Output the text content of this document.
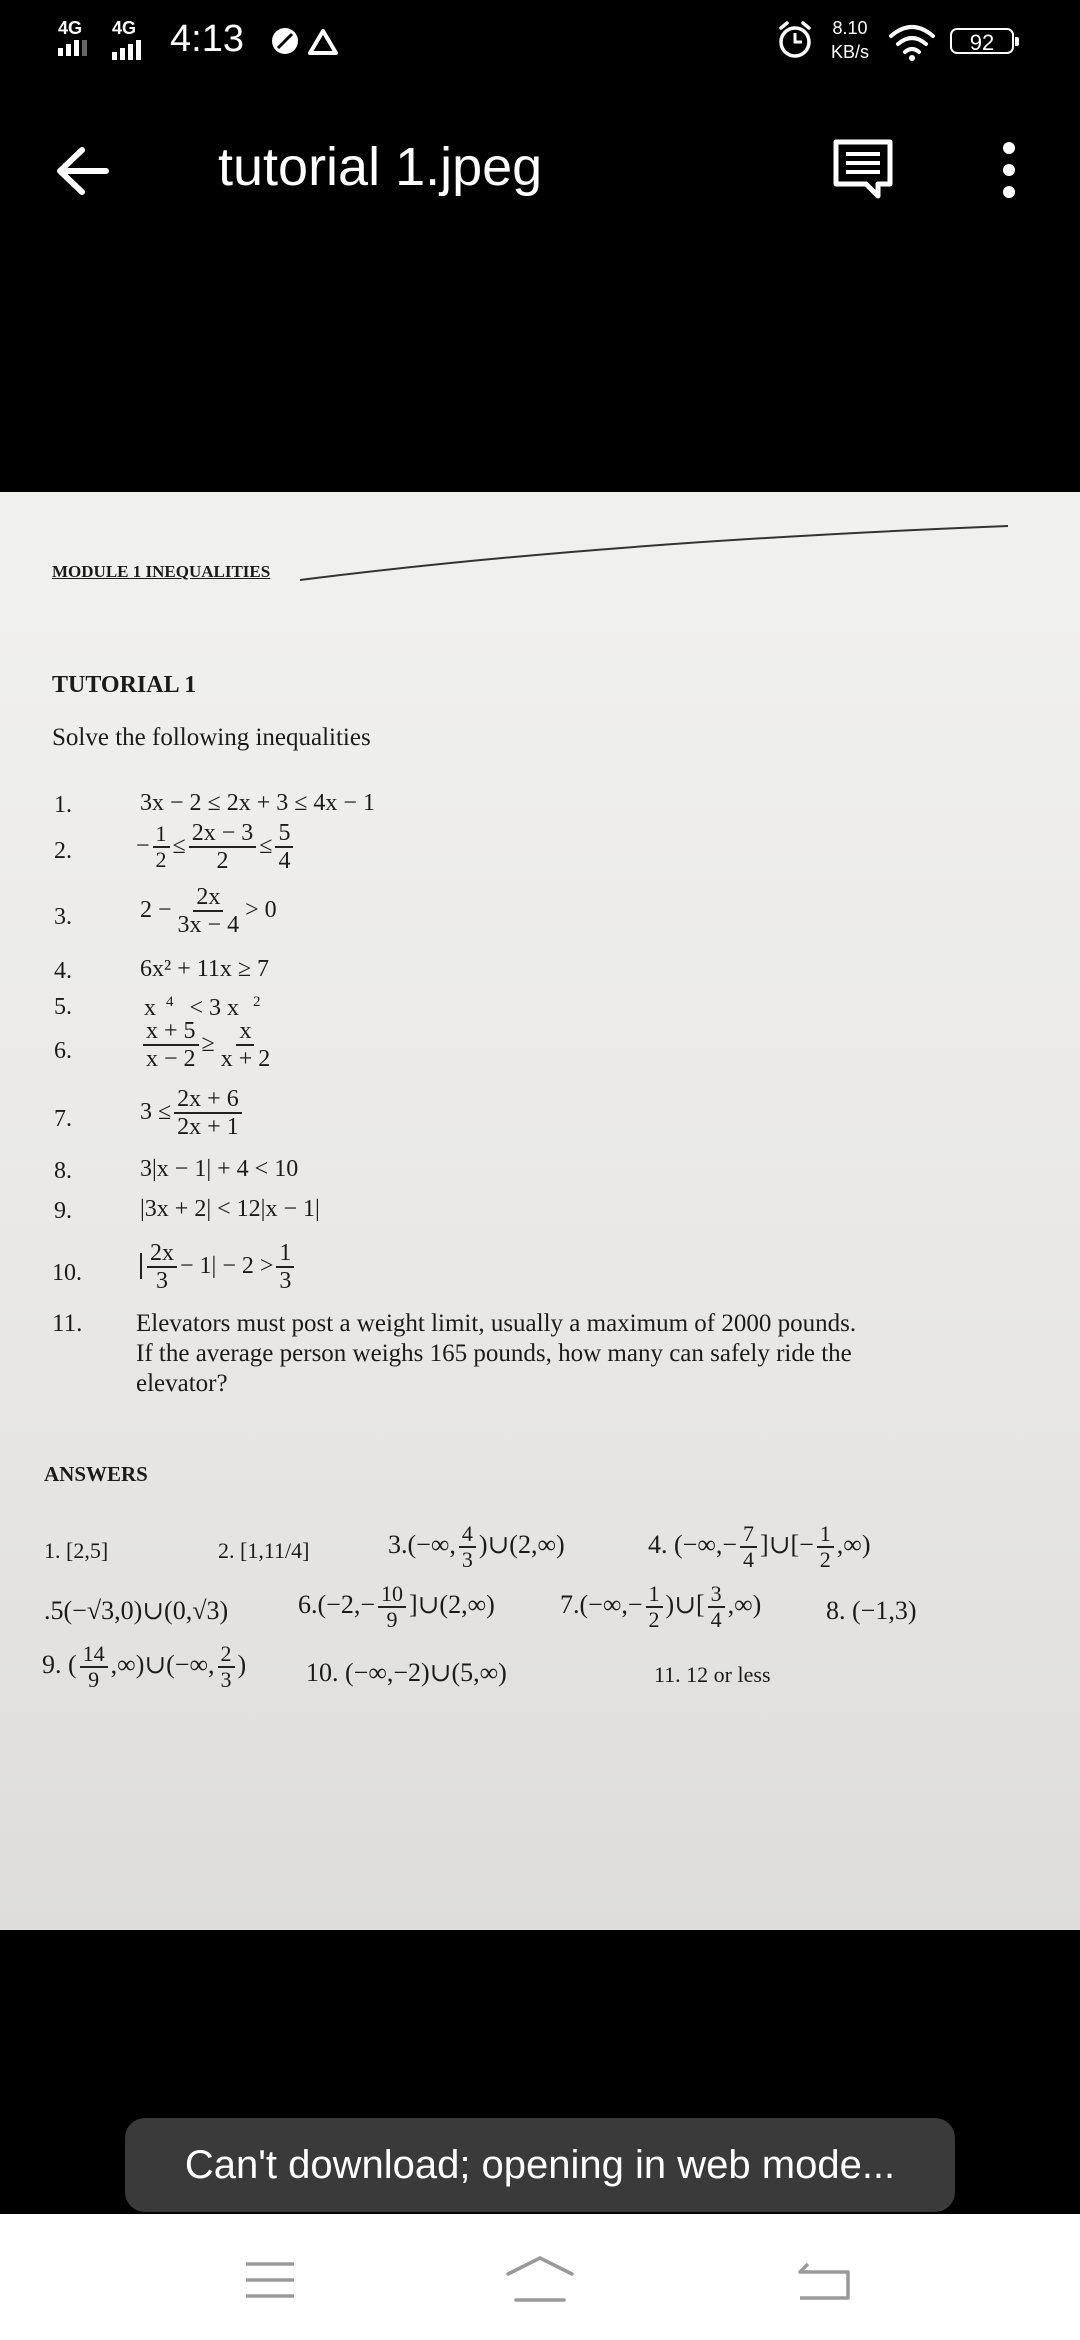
4G 4G 4:13	8.10
KB/s	92
tutorial 1.jpeg
MODULE 1 INEQUALITIES
TUTORIAL 1
Solve the following inequalities
1.	3x − 2 ≤ 2x + 3 ≤ 4x − 1
2.	− $\frac{1}{2} \le \frac{2x - 3}{2} \le \frac{5}{4}$
3.	$2 - \frac{2x}{3x - 4} > 0$
4.	6x² + 11x ≥ 7
5.	x $^4$ < 3 x $^2$
6.	$\frac{x + 5}{x - 2} \ge \frac{x}{x + 2}$
7.	$3 \le \frac{2x + 6}{2x + 1}$
8.	3|x − 1| + 4 < 10
9.	|3x + 2| < 12|x − 1|
10.	$\frac{2x}{3} - 1| - 2 > \frac{1}{3}$
11. Elevators must post a weight limit, usually a maximum of 2000 pounds.
If the average person weighs 165 pounds, how many can safely ride the
elevator?
ANSWERS
1. [2,5]	2. [1,11/4]	3.(−∞, $\frac{4}{3}$ )∪(2,∞)	4. (−∞,− $\frac{7}{4}$ ]∪[− $\frac{1}{2}$ ,∞)
.5(−√3,0)∪(0,√3)	$6.(-2,- \frac{10}{9}$ ]∪(2,∞)	$7.(-\infty,- \frac{1}{2}$ )∪[ $\frac{3}{4}$ ,∞) 8. (−1,3)
9. ( $\frac{14}{9}$ ,∞)∪(−∞, $\frac{2}{3}$ ) 10. (−∞,−2)∪(5,∞)	11. 12 or less
Can't download; opening in web mode...
